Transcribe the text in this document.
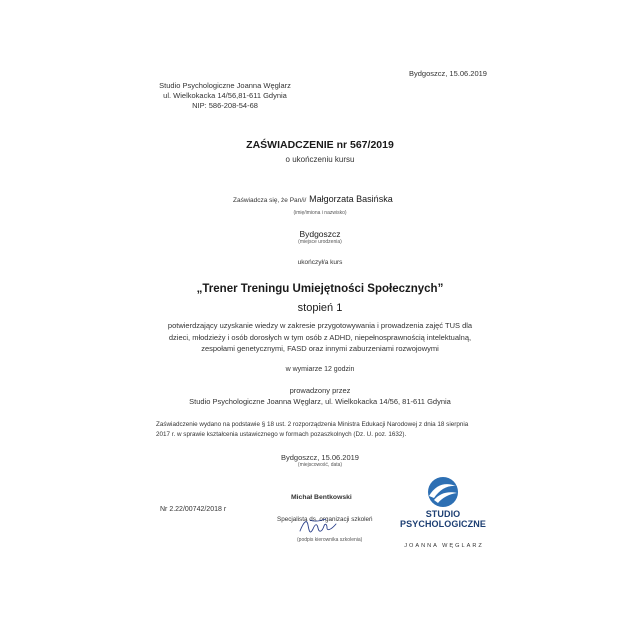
Studio Psychologiczne Joanna Węglarz
ul. Wielkokacka 14/56,81-611 Gdynia
NIP: 586-208-54-68
Bydgoszcz, 15.06.2019
ZAŚWIADCZENIE nr 567/2019
o ukończeniu kursu
Zaświadcza się, że Pan/i/ Małgorzata Basińska
(imię/imiona i nazwisko)
Bydgoszcz
(miejsce urodzenia)
ukończył/a kurs
„Trener Treningu Umiejętności Społecznych”
stopień 1
potwierdzający uzyskanie wiedzy w zakresie przygotowywania i prowadzenia zajęć TUS dla
dzieci, młodzieży i osób dorosłych w tym osób z ADHD, niepełnosprawnością intelektualną,
zespołami genetycznymi, FASD oraz innymi zaburzeniami rozwojowymi
w wymiarze 12 godzin
prowadzony przez
Studio Psychologiczne Joanna Węglarz, ul. Wielkokacka 14/56, 81-611 Gdynia
Zaświadczenie wydano na podstawie § 18 ust. 2 rozporządzenia Ministra Edukacji Narodowej z dnia 18 sierpnia
2017 r. w sprawie kształcenia ustawicznego w formach pozaszkolnych (Dz. U. poz. 1632).
Bydgoszcz, 15.06.2019
(miejscowość, data)
Nr 2.22/00742/2018 r
Michał Bentkowski
Specjalista ds. organizacji szkoleń
(podpis kierownika szkolenia)
STUDIO
PSYCHOLOGICZNE
JOANNA WĘGLARZ
